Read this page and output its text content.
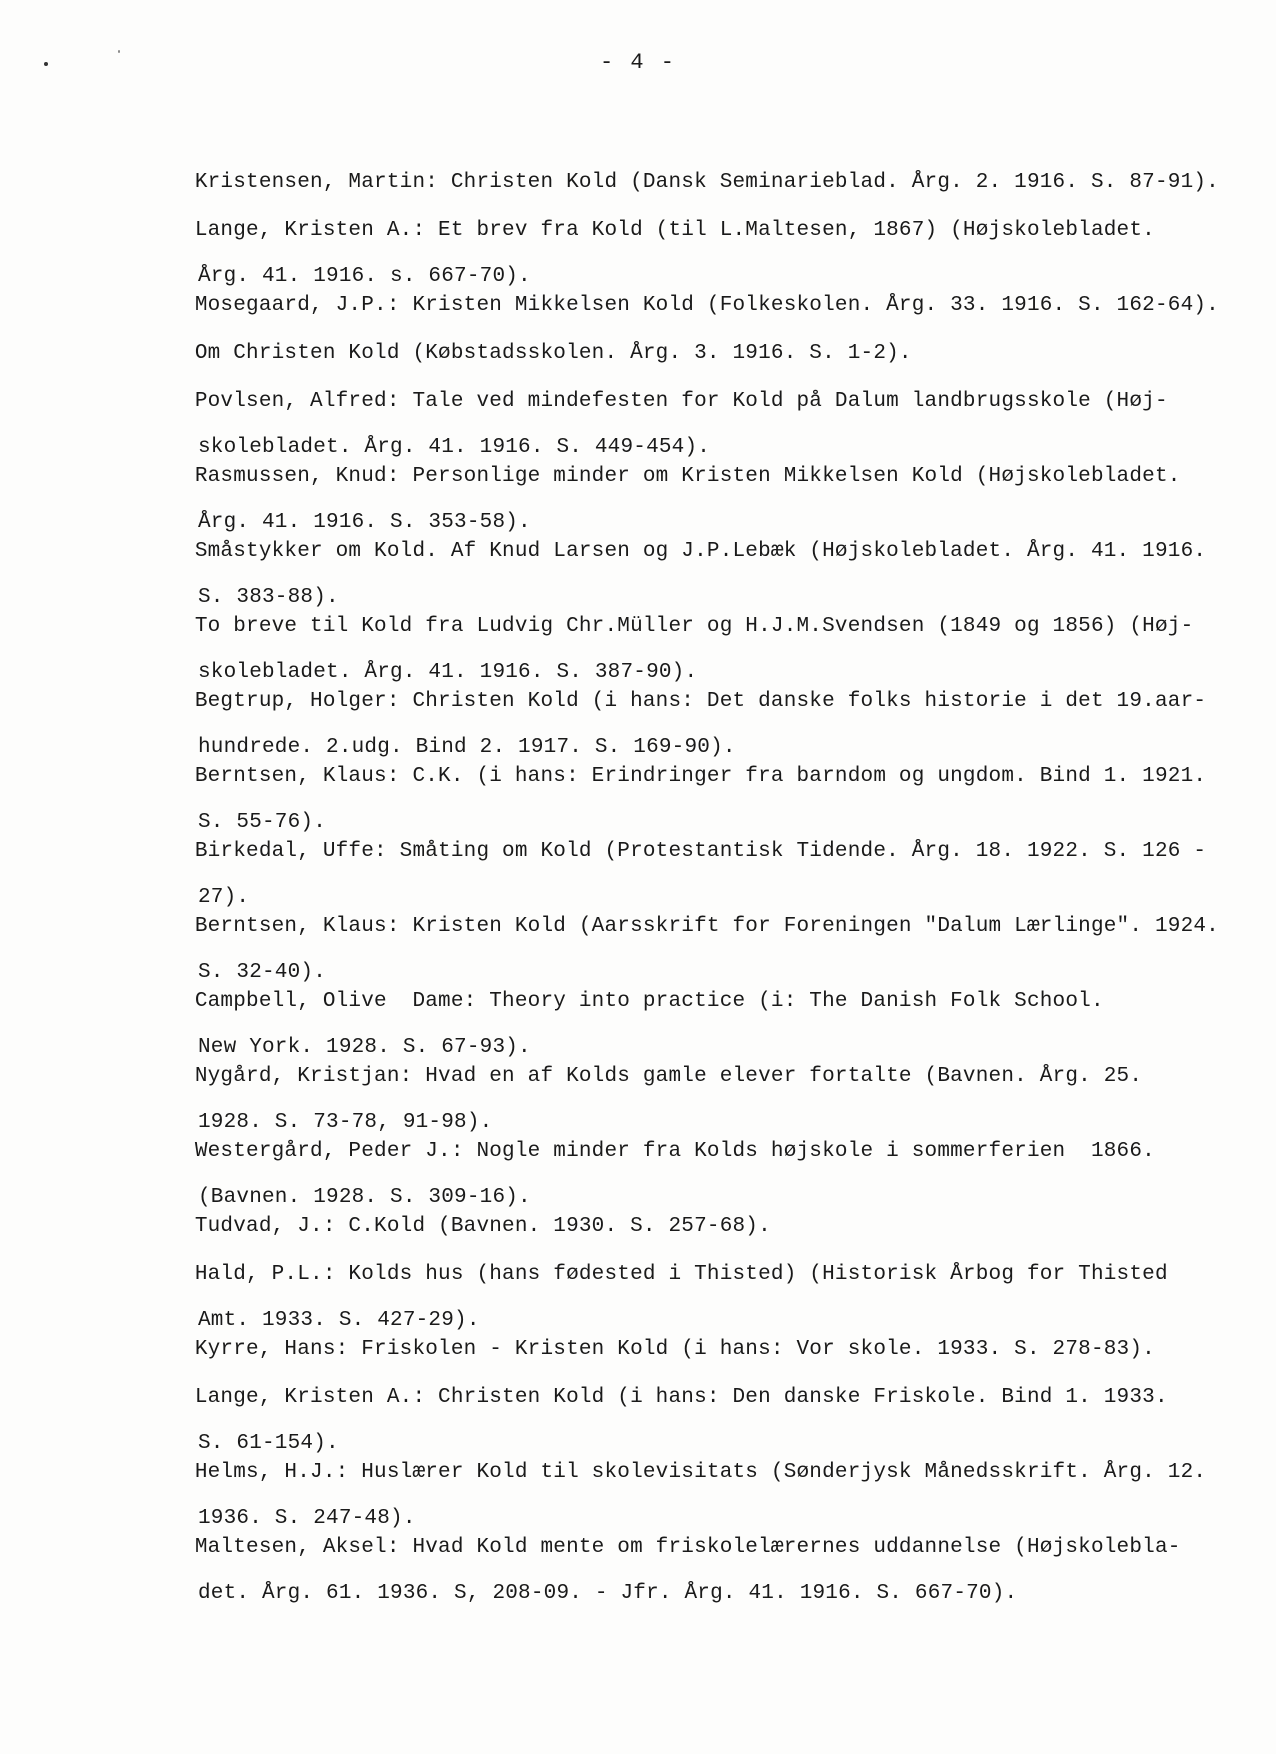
- 4 -

Kristensen, Martin: Christen Kold (Dansk Seminarieblad. Årg. 2. 1916. S. 87-91).

Lange, Kristen A.: Et brev fra Kold (til L.Maltesen, 1867) (Højskolebladet.

Årg. 41. 1916. s. 667-70).

Mosegaard, J.P.: Kristen Mikkelsen Kold (Folkeskolen. Årg. 33. 1916. S. 162-64).

Om Christen Kold (Købstadsskolen. Årg. 3. 1916. S. 1-2).

Povlsen, Alfred: Tale ved mindefesten for Kold på Dalum landbrugsskole (Høj-

skolebladet. Årg. 41. 1916. S. 449-454).

Rasmussen, Knud: Personlige minder om Kristen Mikkelsen Kold (Højskolebladet.

Årg. 41. 1916. S. 353-58).

Småstykker om Kold. Af Knud Larsen og J.P.Lebæk (Højskolebladet. Årg. 41. 1916.

S. 383-88).

To breve til Kold fra Ludvig Chr.Müller og H.J.M.Svendsen (1849 og 1856) (Høj-

skolebladet. Årg. 41. 1916. S. 387-90).

Begtrup, Holger: Christen Kold (i hans: Det danske folks historie i det 19.aar-

hundrede. 2.udg. Bind 2. 1917. S. 169-90).

Berntsen, Klaus: C.K. (i hans: Erindringer fra barndom og ungdom. Bind 1. 1921.

S. 55-76).

Birkedal, Uffe: Småting om Kold (Protestantisk Tidende. Årg. 18. 1922. S. 126 -

27).

Berntsen, Klaus: Kristen Kold (Aarsskrift for Foreningen "Dalum Lærlinge". 1924.

S. 32-40).

Campbell, Olive  Dame: Theory into practice (i: The Danish Folk School.

New York. 1928. S. 67-93).

Nygård, Kristjan: Hvad en af Kolds gamle elever fortalte (Bavnen. Årg. 25.

1928. S. 73-78, 91-98).

Westergård, Peder J.: Nogle minder fra Kolds højskole i sommerferien  1866.

(Bavnen. 1928. S. 309-16).

Tudvad, J.: C.Kold (Bavnen. 1930. S. 257-68).

Hald, P.L.: Kolds hus (hans fødested i Thisted) (Historisk Årbog for Thisted

Amt. 1933. S. 427-29).

Kyrre, Hans: Friskolen - Kristen Kold (i hans: Vor skole. 1933. S. 278-83).

Lange, Kristen A.: Christen Kold (i hans: Den danske Friskole. Bind 1. 1933.

S. 61-154).

Helms, H.J.: Huslærer Kold til skolevisitats (Sønderjysk Månedsskrift. Årg. 12.

1936. S. 247-48).

Maltesen, Aksel: Hvad Kold mente om friskolelærernes uddannelse (Højskolebla-

det. Årg. 61. 1936. S, 208-09. - Jfr. Årg. 41. 1916. S. 667-70).
